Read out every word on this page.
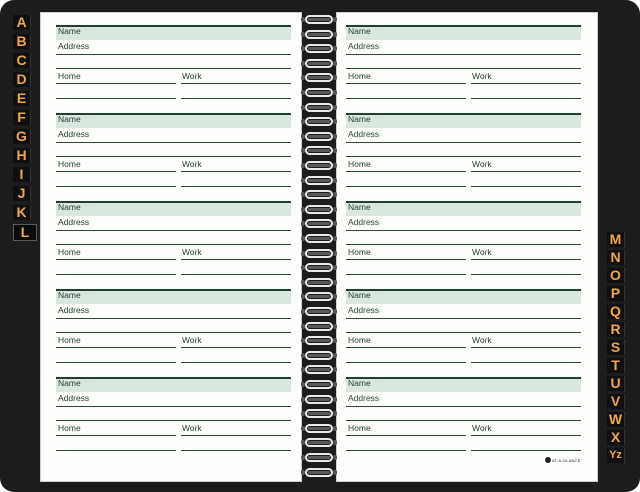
Name
Address
Home	Work
Name
Address
Home	Work
Name
Address
Home	Work
Name
Address
Home	Work
Name
Address
Home	Work
Name
Address
Home	Work
Name
Address
Home	Work
Name
Address
Home	Work
Name
Address
Home	Work
Name
Address
Home	Work
A
B
C
D
E
F
G
H
I
J
K
L	M
N
O
P
Q
R
S
T
U
V
W
X
Yz
AT-A-GLANCE
